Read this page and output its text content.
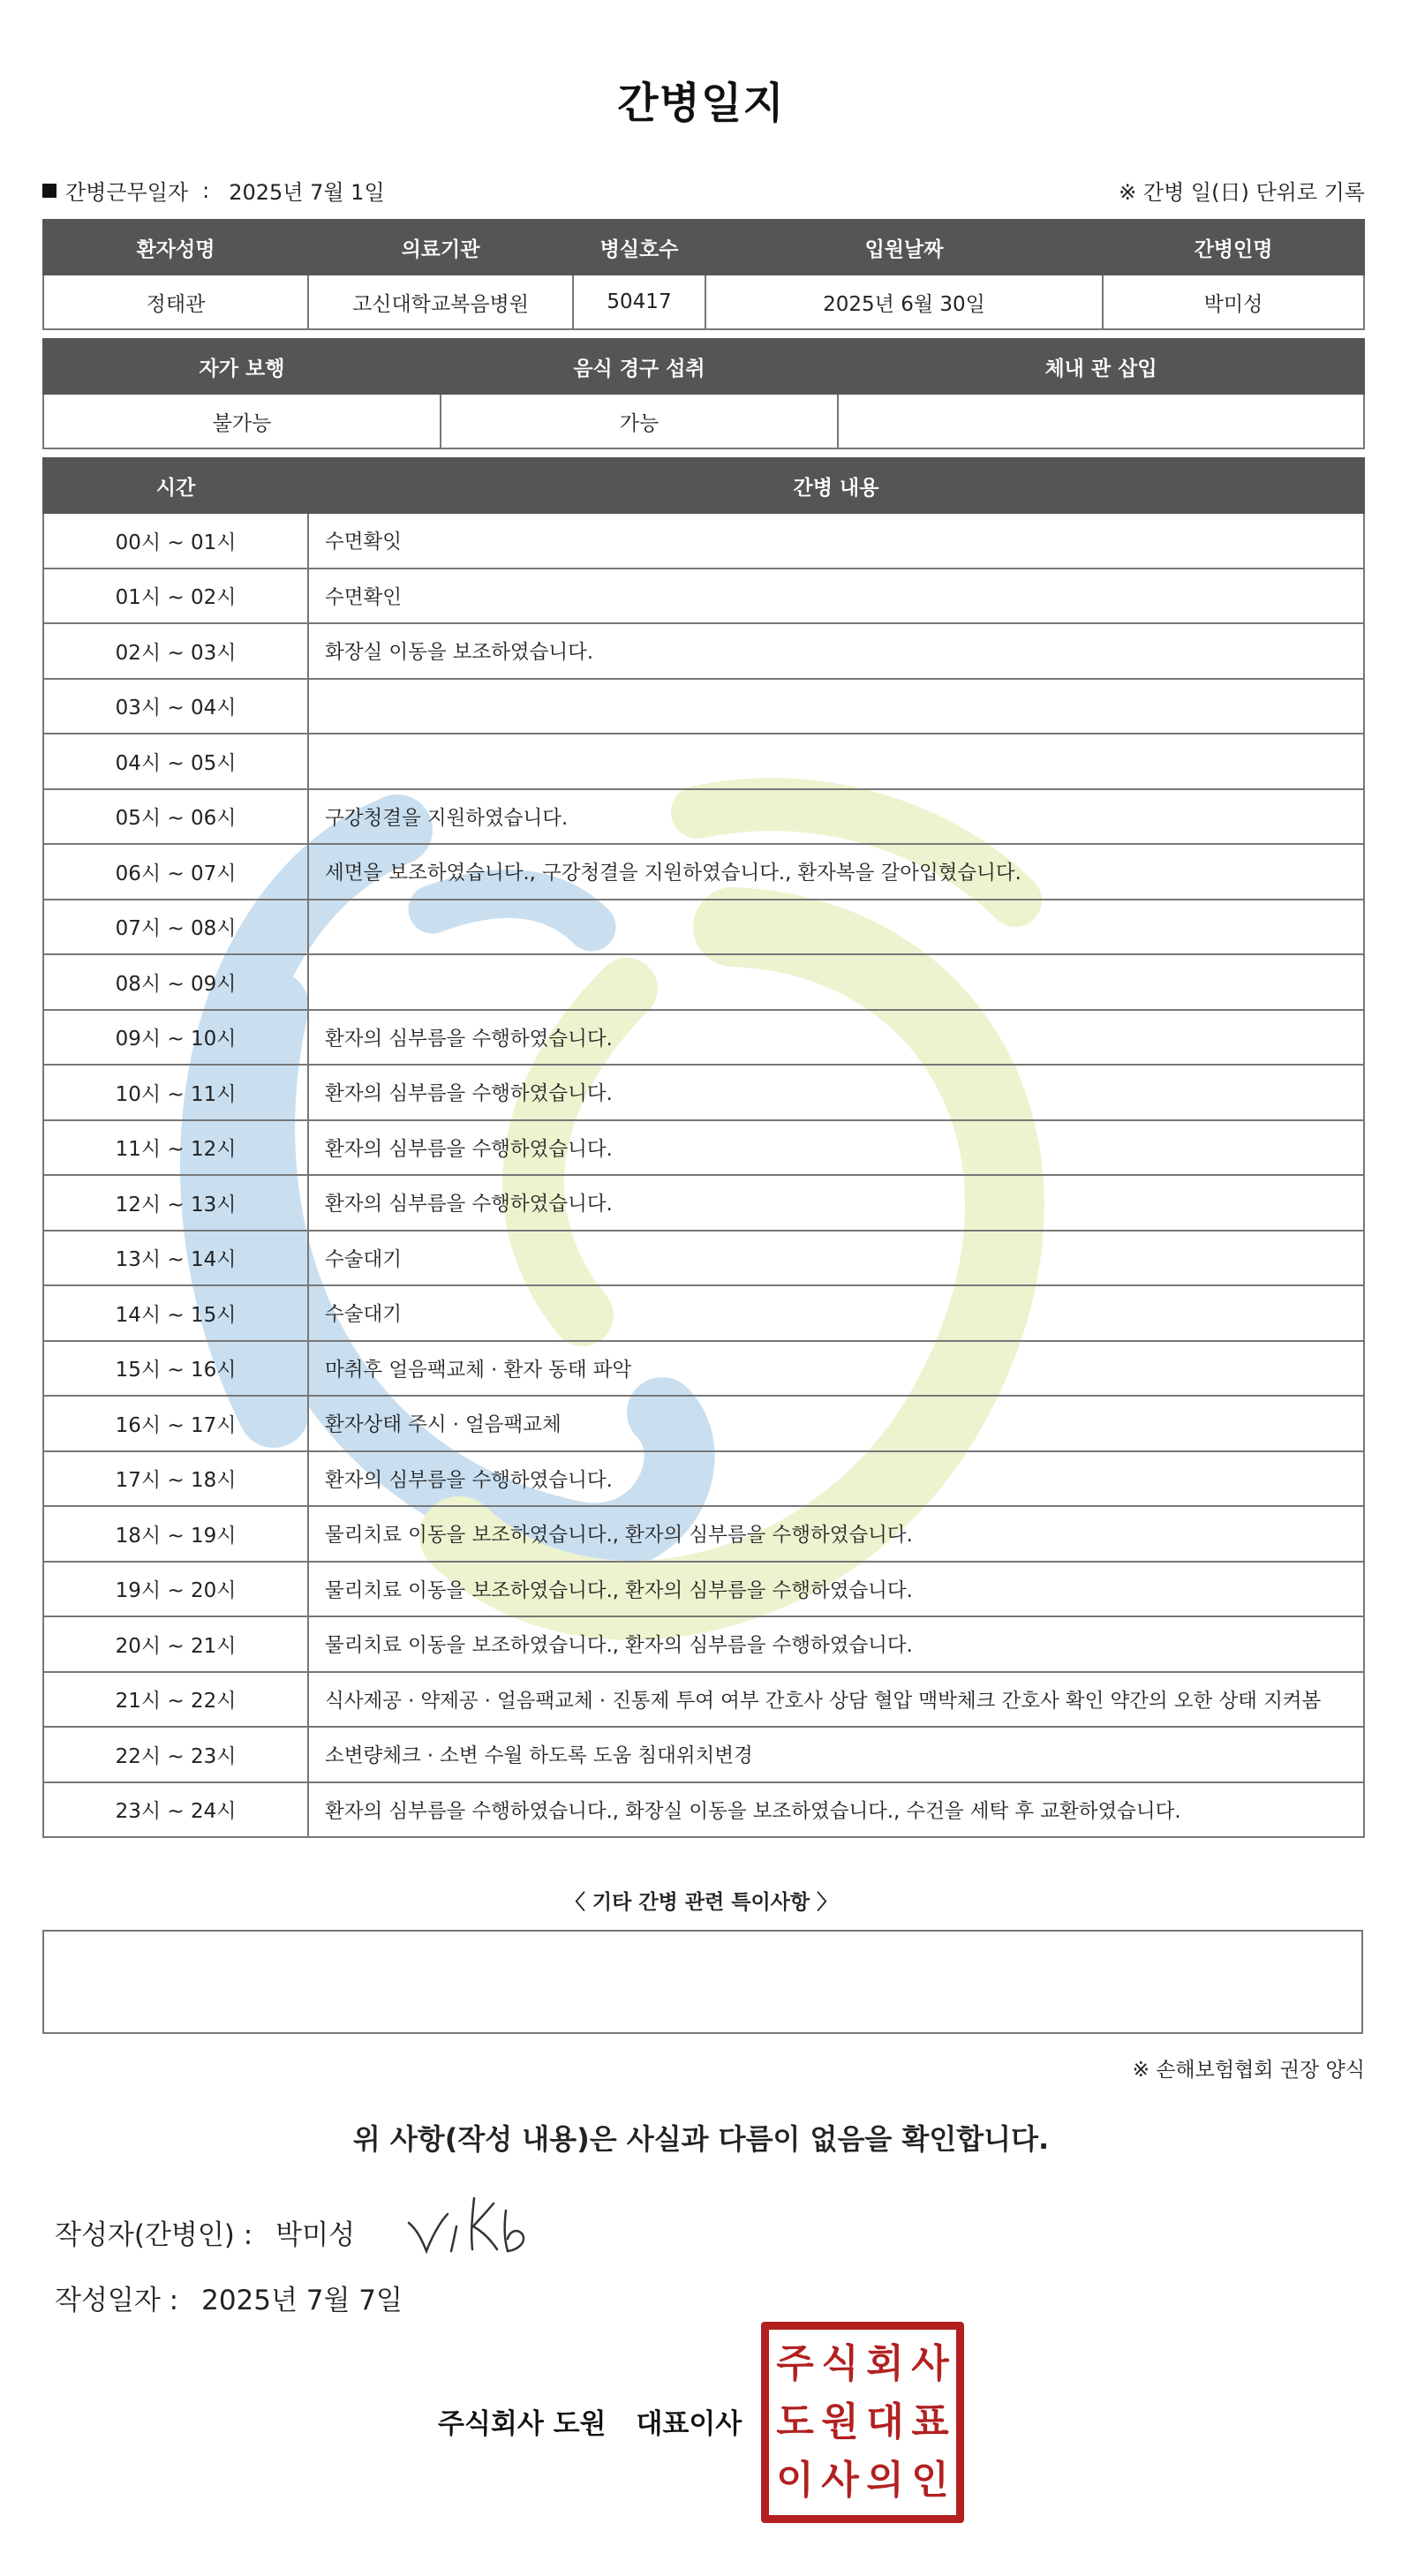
간병일지
간병근무일자 : 2025년 7월 1일	※ 간병 일(日) 단위로 기록
환자성명	의료기관	병실호수	입원날짜	간병인명
정태관	고신대학교복음병원	50417	2025년 6월 30일	박미성
자가 보행	음식 경구 섭취	체내 관 삽입
불가능	가능	
시간	간병 내용
00시 ~ 01시	수면확잇
01시 ~ 02시	수면확인
02시 ~ 03시	화장실 이동을 보조하였습니다.
03시 ~ 04시	
04시 ~ 05시	
05시 ~ 06시	구강청결을 지원하였습니다.
06시 ~ 07시	세면을 보조하였습니다., 구강청결을 지원하였습니다., 환자복을 갈아입혔습니다.
07시 ~ 08시	
08시 ~ 09시	
09시 ~ 10시	환자의 심부름을 수행하였습니다.
10시 ~ 11시	환자의 심부름을 수행하였습니다.
11시 ~ 12시	환자의 심부름을 수행하였습니다.
12시 ~ 13시	환자의 심부름을 수행하였습니다.
13시 ~ 14시	수술대기
14시 ~ 15시	수술대기
15시 ~ 16시	마취후 얼음팩교체 · 환자 동태 파악
16시 ~ 17시	환자상태 주시 · 얼음팩교체
17시 ~ 18시	환자의 심부름을 수행하였습니다.
18시 ~ 19시	물리치료 이동을 보조하였습니다., 환자의 심부름을 수행하였습니다.
19시 ~ 20시	물리치료 이동을 보조하였습니다., 환자의 심부름을 수행하였습니다.
20시 ~ 21시	물리치료 이동을 보조하였습니다., 환자의 심부름을 수행하였습니다.
21시 ~ 22시	식사제공 · 약제공 · 얼음팩교체 · 진통제 투여 여부 간호사 상담 혈압 맥박체크 간호사 확인 약간의 오한 상태 지켜봄
22시 ~ 23시	소변량체크 · 소변 수월 하도록 도움 침대위치변경
23시 ~ 24시	환자의 심부름을 수행하였습니다., 화장실 이동을 보조하였습니다., 수건을 세탁 후 교환하였습니다.
〈 기타 간병 관련 특이사항 〉
※ 손해보험협회 권장 양식
위 사항(작성 내용)은 사실과 다름이 없음을 확인합니다.
작성자(간병인) : 박미성
작성일자 : 2025년 7월 7일
주식회사 도원 대표이사
주 식 회 사
도 원 대 표
이 사 의 인
